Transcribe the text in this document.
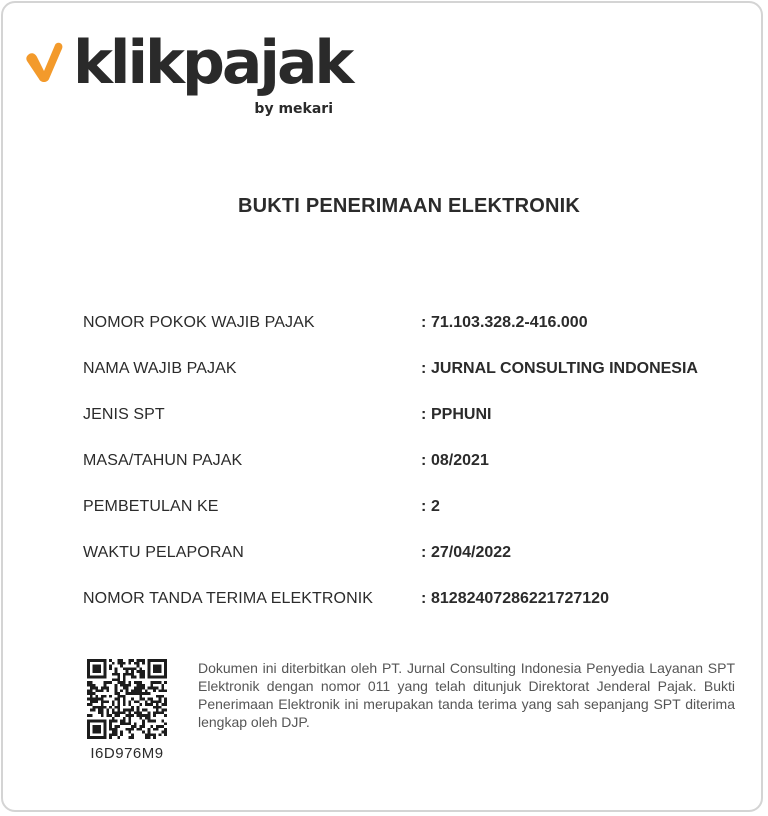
klikpajak
by mekari
BUKTI PENERIMAAN ELEKTRONIK
NOMOR POKOK WAJIB PAJAK	: 71.103.328.2-416.000
NAMA WAJIB PAJAK	: JURNAL CONSULTING INDONESIA
JENIS SPT	: PPHUNI
MASA/TAHUN PAJAK	: 08/2021
PEMBETULAN KE	: 2
WAKTU PELAPORAN	: 27/04/2022
NOMOR TANDA TERIMA ELEKTRONIK	: 81282407286221727120
I6D976M9
Dokumen ini diterbitkan oleh PT. Jurnal Consulting Indonesia Penyedia Layanan SPT Elektronik dengan nomor 011 yang telah ditunjuk Direktorat Jenderal Pajak. Bukti Penerimaan Elektronik ini merupakan tanda terima yang sah sepanjang SPT diterima lengkap oleh DJP.
